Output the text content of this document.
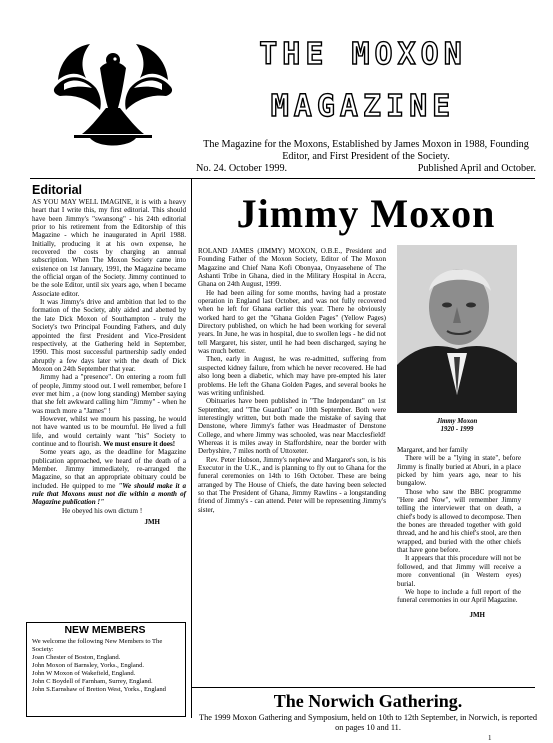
THE MOXON
MAGAZINE
The Magazine for the Moxons, Established by James Moxon in 1988, Founding Editor, and First President of the Society.
No. 24. October 1999.	Published April and October.
Editorial

AS YOU MAY WELL IMAGINE, it is with a heavy heart that I write this, my first editorial. This should have been Jimmy's "swansong" - his 24th editorial prior to his retirement from the Editorship of this Magazine - which he inaugurated in April 1988. Initially, producing it at his own expense, he recovered the costs by charging an annual subscription. When The Moxon Society came into existence on 1st January, 1991, the Magazine became the official organ of the Society. Jimmy continued to be the sole Editor, until six years ago, when I became Associate editor.

It was Jimmy's drive and ambition that led to the formation of the Society, ably aided and abetted by the late Dick Moxon of Southampton - truly the Society's two Principal Founding Fathers, and duly appointed the first President and Vice-President respectively, at the Gathering held in September, 1990. This most successful partnership sadly ended abruptly a few days later with the death of Dick Moxon on 24th September that year.

Jimmy had a "presence". On entering a room full of people, Jimmy stood out. I well remember, before I ever met him , a (now long standing) Member saying that she felt awkward calling him "Jimmy" - when he was much more a "James" !

However, whilst we mourn his passing, he would not have wanted us to be mournful. He lived a full life, and would certainly want "his" Society to continue and to flourish. We must ensure it does!

Some years ago, as the deadline for Magazine publication approached, we heard of the death of a Member. Jimmy immediately, re-arranged the Magazine, so that an appropriate obituary could be included. He quipped to me "We should make it a rule that Moxons must not die within a month of Magazine publication !"

He obeyed his own dictum !

JMH
NEW MEMBERS
We welcome the following New Members to The Society:
Joan Chester of Boston, England.
John Moxon of Barnsley, Yorks., England.
John W Moxon of Wakefield, England.
John C Boydell of Farnham, Surrey, England.
John S.Earnshaw of Bretton West, Yorks., England
Jimmy Moxon

ROLAND JAMES (JIMMY) MOXON, O.B.E., President and Founding Father of the Moxon Society, Editor of The Moxon Magazine and Chief Nana Kofi Obonyaa, Onyaasehene of The Ashanti Tribe in Ghana, died in the Military Hospital in Accra, Ghana on 24th August, 1999.

He had been ailing for some months, having had a prostate operation in England last October, and was not fully recovered when he left for Ghana earlier this year. There he obviously worked hard to get the "Ghana Golden Pages" (Yellow Pages) Directory published, on which he had been working for several years. In June, he was in hospital, due to swollen legs - he did not tell Margaret, his sister, until he had been discharged, saying he was much better.

Then, early in August, he was re-admitted, suffering from suspected kidney failure, from which he never recovered. He had also long been a diabetic, which may have pre-empted his later problems. He left the Ghana Golden Pages, and several books he was writing unfinished.

Obituaries have been published in "The Independant" on 1st September, and "The Guardian" on 10th September. Both were interestingly written, but both made the mistake of saying that Denstone, where Jimmy's father was Headmaster of Denstone College, and where Jimmy was schooled, was near Macclesfield! Whereas it is miles away in Staffordshire, near the border with Derbyshire, 7 miles north of Uttoxeter.

Rev. Peter Hobson, Jimmy's nephew and Margaret's son, is his Executor in the U.K., and is planning to fly out to Ghana for the funeral ceremonies on 14th to 16th October. These are being arranged by The House of Chiefs, the date having been selected so that The President of Ghana, Jimmy Rawlins - a longstanding friend of Jimmy's - can attend. Peter will be representing Jimmy's sister,

Jimmy Moxon
1920 - 1999

Margaret, and her family

There will be a "lying in state", before Jimmy is finally buried at Aburi, in a place picked by him years ago, near to his bungalow.

Those who saw the BBC programme "Here and Now", will remember Jimmy telling the interviewer that on death, a chief's body is allowed to decompose. Then the bones are threaded together with gold thread, and he and his chief's stool, are then wrapped, and buried with the other chiefs that have gone before.

It appears that this procedure will not be followed, and that Jimmy will receive a more conventional (in Western eyes) burial.

We hope to include a full report of the funeral ceremonies in our April Magazine.

JMH
The Norwich Gathering.
The 1999 Moxon Gathering and Symposium, held on 10th to 12th September, in Norwich, is reported on pages 10 and 11.
1
